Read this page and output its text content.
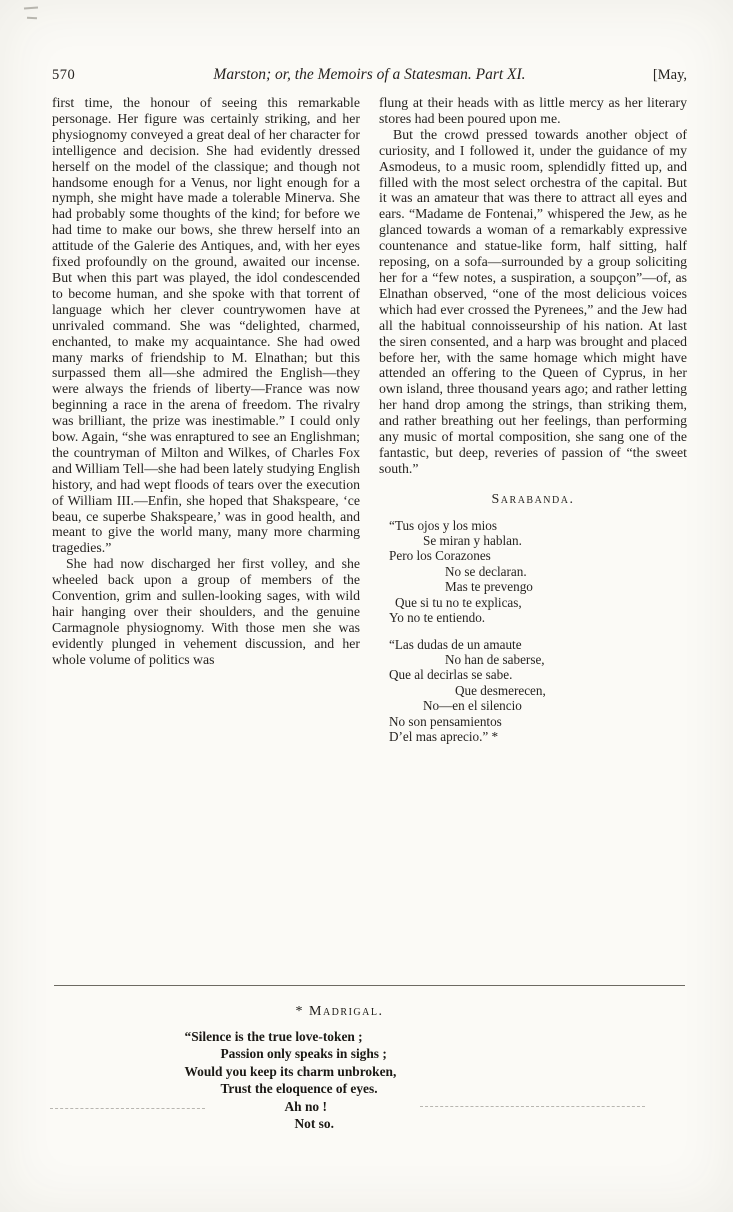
570	Marston; or, the Memoirs of a Statesman. Part XI.	[May,

first time, the honour of seeing this remarkable personage. Her figure was certainly striking, and her physiognomy conveyed a great deal of her character for intelligence and decision. She had evidently dressed herself on the model of the classique; and though not handsome enough for a Venus, nor light enough for a nymph, she might have made a tolerable Minerva. She had probably some thoughts of the kind; for before we had time to make our bows, she threw herself into an attitude of the Galerie des Antiques, and, with her eyes fixed profoundly on the ground, awaited our incense. But when this part was played, the idol condescended to become human, and she spoke with that torrent of language which her clever countrywomen have at unrivaled command. She was “delighted, charmed, enchanted, to make my acquaintance. She had owed many marks of friendship to M. Elnathan; but this surpassed them all—she admired the English—they were always the friends of liberty—France was now beginning a race in the arena of freedom. The rivalry was brilliant, the prize was inestimable.” I could only bow. Again, “she was enraptured to see an Englishman; the countryman of Milton and Wilkes, of Charles Fox and William Tell—she had been lately studying English history, and had wept floods of tears over the execution of William III.—Enfin, she hoped that Shakspeare, ‘ce beau, ce superbe Shakspeare,’ was in good health, and meant to give the world many, many more charming tragedies.”

She had now discharged her first volley, and she wheeled back upon a group of members of the Convention, grim and sullen-looking sages, with wild hair hanging over their shoulders, and the genuine Carmagnole physiognomy. With those men she was evidently plunged in vehement discussion, and her whole volume of politics was

flung at their heads with as little mercy as her literary stores had been poured upon me.

But the crowd pressed towards another object of curiosity, and I followed it, under the guidance of my Asmodeus, to a music room, splendidly fitted up, and filled with the most select orchestra of the capital. But it was an amateur that was there to attract all eyes and ears. “Madame de Fontenai,” whispered the Jew, as he glanced towards a woman of a remarkably expressive countenance and statue-like form, half sitting, half reposing, on a sofa—surrounded by a group soliciting her for a “few notes, a suspiration, a soupçon”—of, as Elnathan observed, “one of the most delicious voices which had ever crossed the Pyrenees,” and the Jew had all the habitual connoisseurship of his nation. At last the siren consented, and a harp was brought and placed before her, with the same homage which might have attended an offering to the Queen of Cyprus, in her own island, three thousand years ago; and rather letting her hand drop among the strings, than striking them, and rather breathing out her feelings, than performing any music of mortal composition, she sang one of the fantastic, but deep, reveries of passion of “the sweet south.”

Sarabanda.
“Tus ojos y los mios
Se miran y hablan.
Pero los Corazones
No se declaran.
Mas te prevengo
Que si tu no te explicas,
Yo no te entiendo.
“Las dudas de un amaute
No han de saberse,
Que al decirlas se sabe.
Que desmerecen,
No—en el silencio
No son pensamientos
D’el mas aprecio.” *
* Madrigal.
“Silence is the true love-token ;
Passion only speaks in sighs ;
Would you keep its charm unbroken,
Trust the eloquence of eyes.
Ah no !
Not so.
